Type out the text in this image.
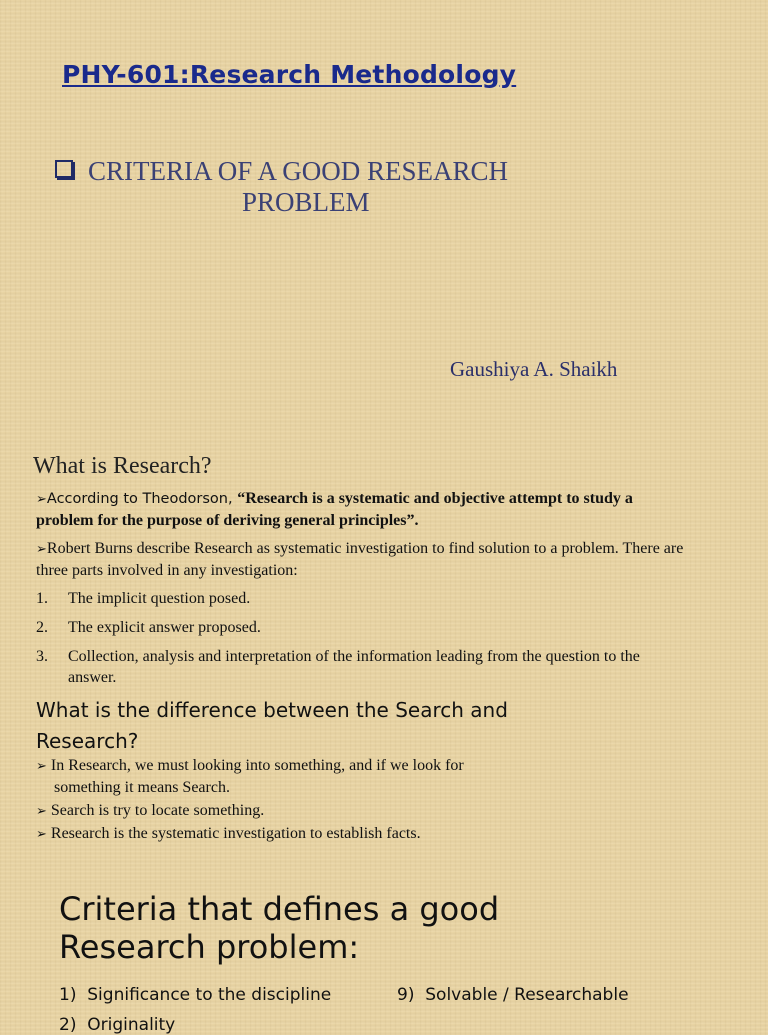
PHY-601:Research Methodology
CRITERIA OF A GOOD RESEARCH
PROBLEM
Gaushiya A. Shaikh
What is Research?

➢According to Theodorson, “Research is a systematic and objective attempt to study a problem for the purpose of deriving general principles”.

➢Robert Burns describe Research as systematic investigation to find solution to a problem. There are three parts involved in any investigation:

1. The implicit question posed.
2. The explicit answer proposed.
3. Collection, analysis and interpretation of the information leading from the question to the answer.
What is the difference between the Search and Research?
➢ In Research, we must looking into something, and if we look for
something it means Search.
➢ Search is try to locate something.
➢ Research is the systematic investigation to establish facts.
Criteria that defines a good Research problem:
1) Significance to the discipline	9) Solvable / Researchable
2) Originality
